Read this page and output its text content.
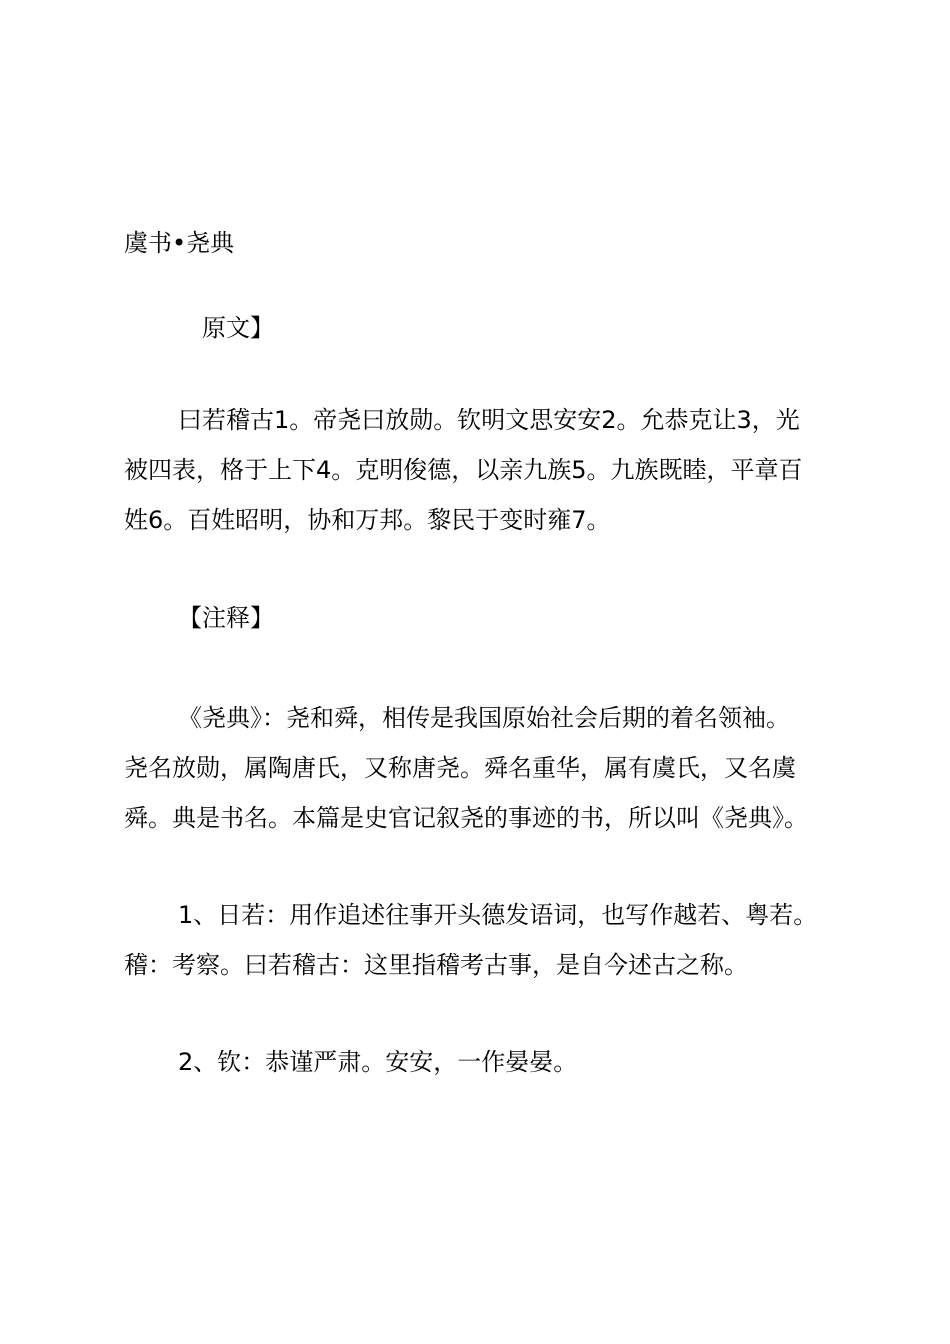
虞书•尧典
原文】
曰若稽古1。帝尧曰放勋。钦明文思安安2。允恭克让3，光
被四表，格于上下4。克明俊德，以亲九族5。九族既睦，平章百
姓6。百姓昭明，协和万邦。黎民于变时雍7。
【注释】
《尧典》：尧和舜，相传是我国原始社会后期的着名领袖。
尧名放勋，属陶唐氏，又称唐尧。舜名重华，属有虞氏，又名虞
舜。典是书名。本篇是史官记叙尧的事迹的书，所以叫《尧典》。
1、日若：用作追述往事开头德发语词，也写作越若、粤若。
稽：考察。曰若稽古：这里指稽考古事，是自今述古之称。
2、钦：恭谨严肃。安安，一作晏晏。
